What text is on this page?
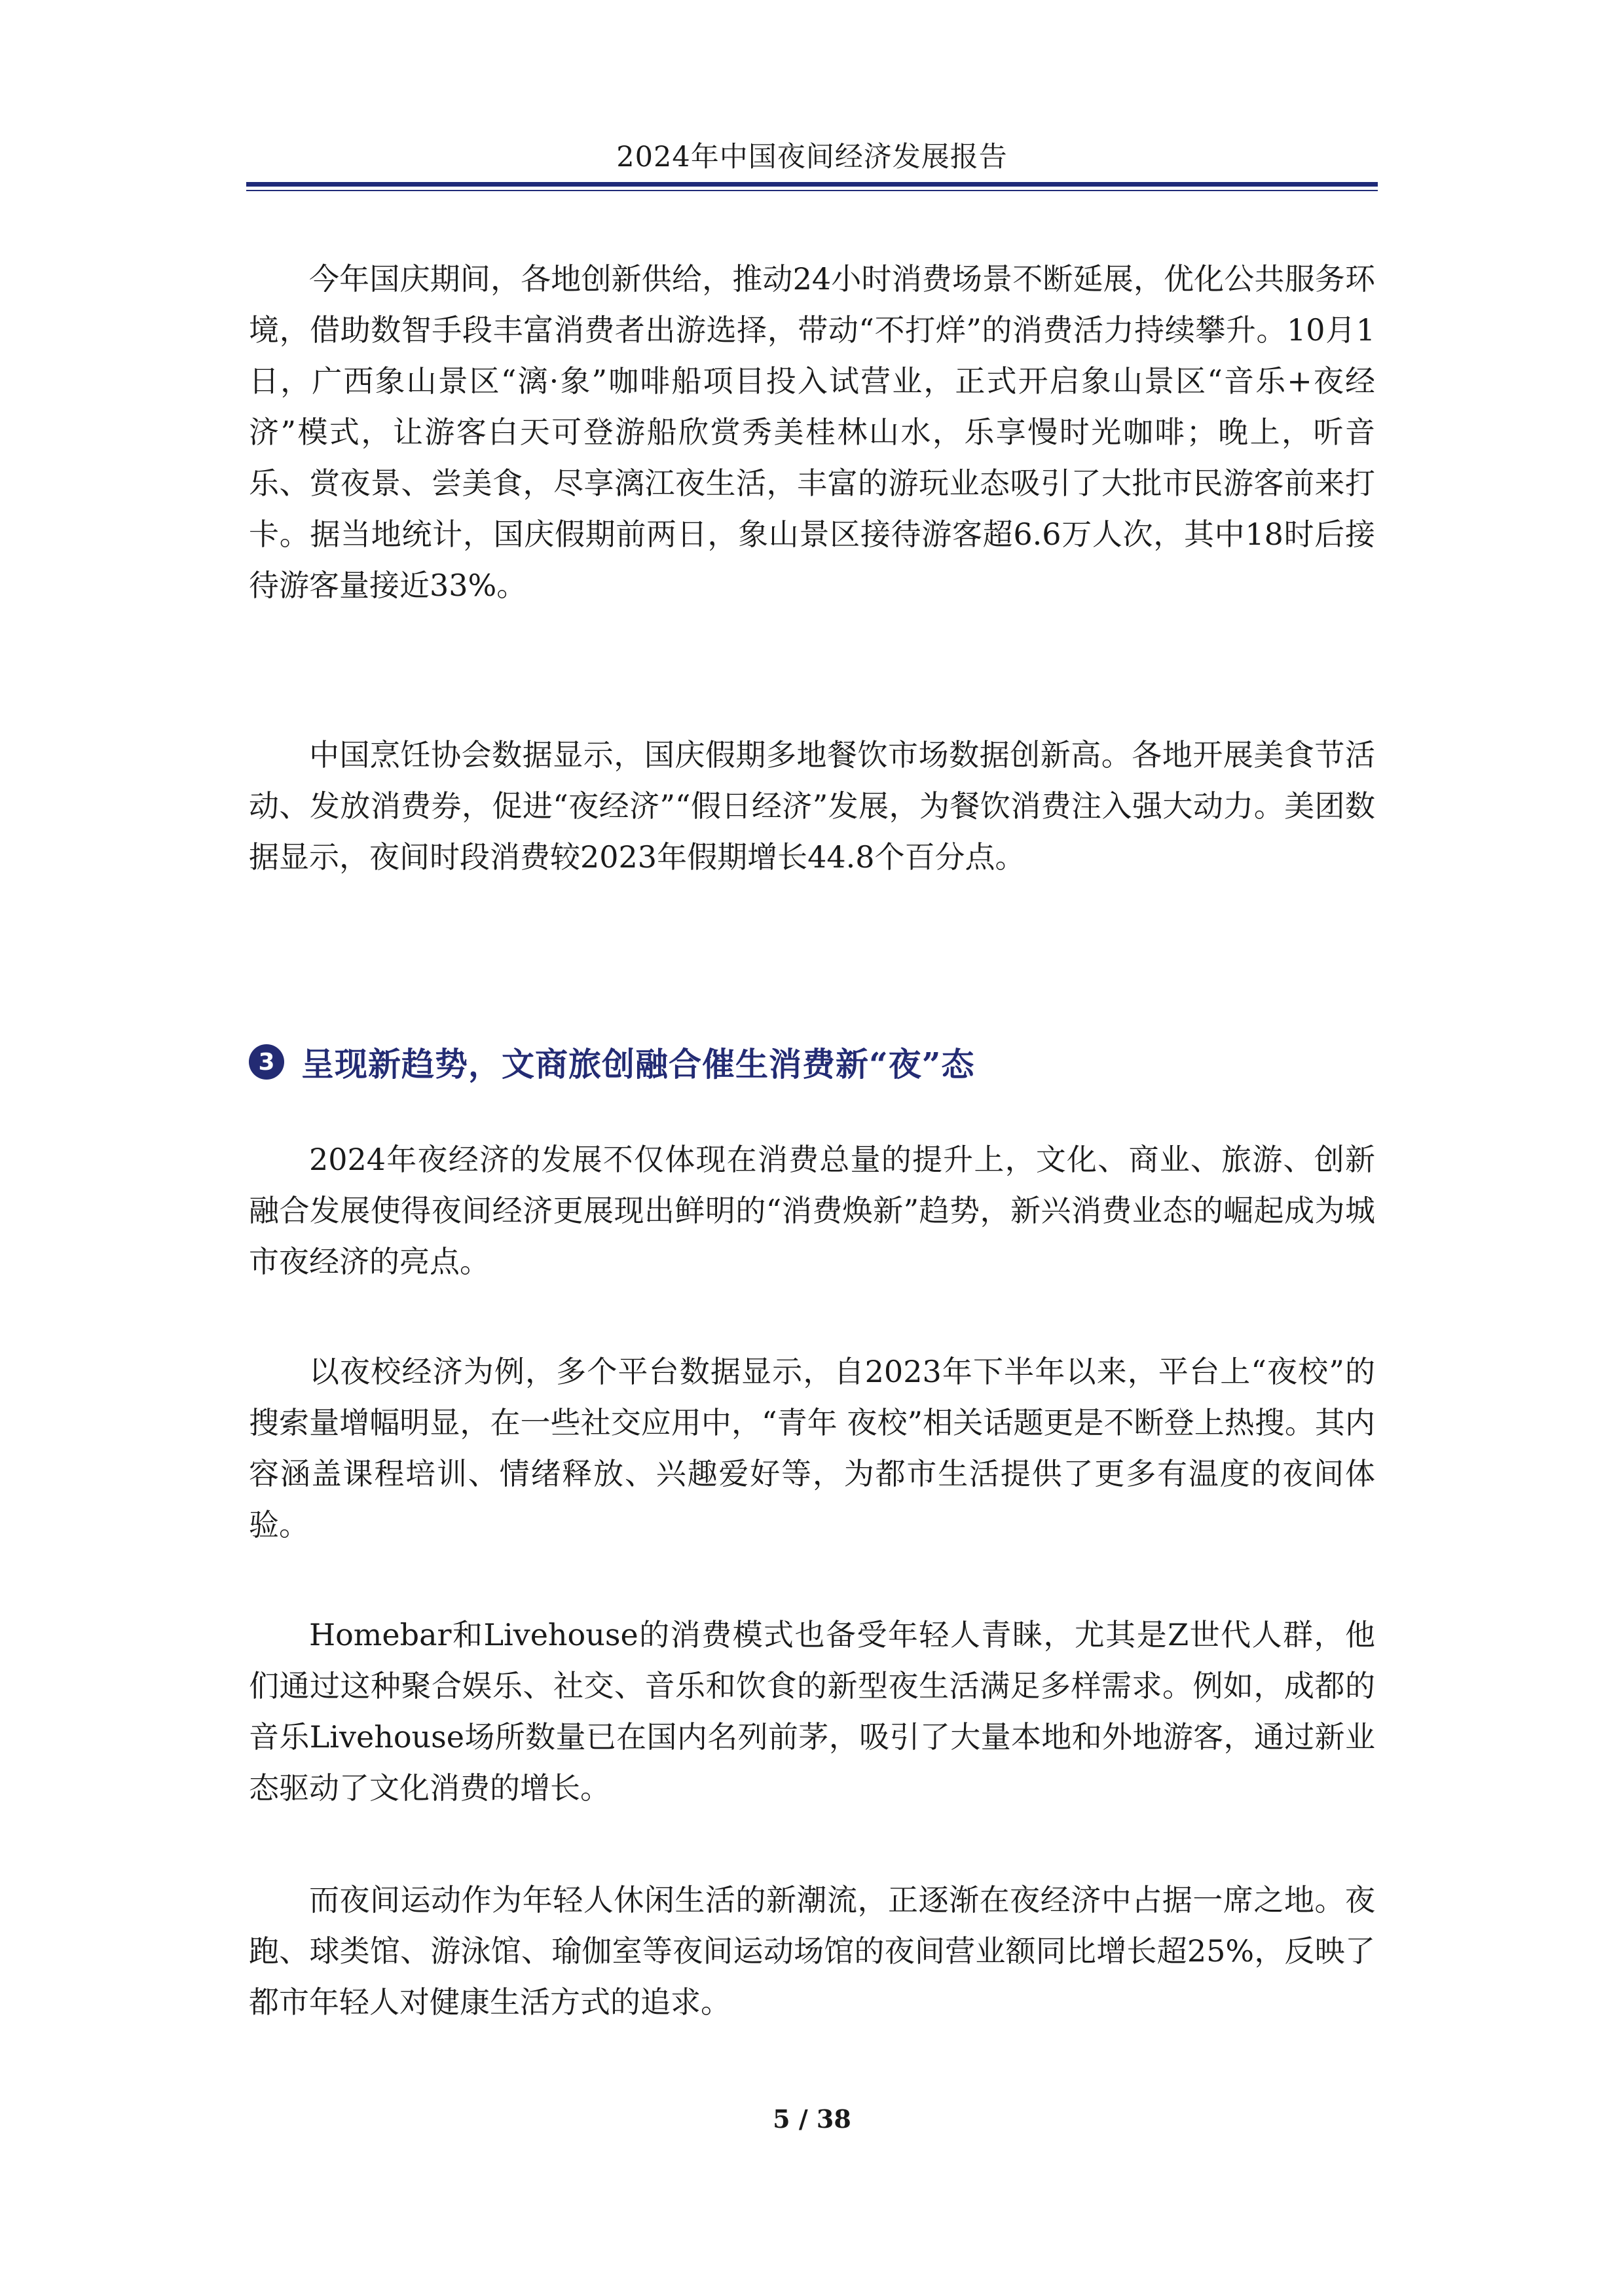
2024年中国夜间经济发展报告

今年国庆期间，各地创新供给，推动24小时消费场景不断延展，优化公共服务环境，借助数智手段丰富消费者出游选择，带动“不打烊”的消费活力持续攀升。10月1日，广西象山景区“漓·象”咖啡船项目投入试营业，正式开启象山景区“音乐+夜经济”模式，让游客白天可登游船欣赏秀美桂林山水，乐享慢时光咖啡；晚上，听音乐、赏夜景、尝美食，尽享漓江夜生活，丰富的游玩业态吸引了大批市民游客前来打卡。据当地统计，国庆假期前两日，象山景区接待游客超6.6万人次，其中18时后接待游客量接近33%。

中国烹饪协会数据显示，国庆假期多地餐饮市场数据创新高。各地开展美食节活动、发放消费券，促进“夜经济”“假日经济”发展，为餐饮消费注入强大动力。美团数据显示，夜间时段消费较2023年假期增长44.8个百分点。

3 呈现新趋势，文商旅创融合催生消费新“夜”态

2024年夜经济的发展不仅体现在消费总量的提升上，文化、商业、旅游、创新融合发展使得夜间经济更展现出鲜明的“消费焕新”趋势，新兴消费业态的崛起成为城市夜经济的亮点。

以夜校经济为例，多个平台数据显示，自2023年下半年以来，平台上“夜校”的搜索量增幅明显，在一些社交应用中，“青年 夜校”相关话题更是不断登上热搜。其内容涵盖课程培训、情绪释放、兴趣爱好等，为都市生活提供了更多有温度的夜间体验。

Homebar和Livehouse的消费模式也备受年轻人青睐，尤其是Z世代人群，他们通过这种聚合娱乐、社交、音乐和饮食的新型夜生活满足多样需求。例如，成都的音乐Livehouse场所数量已在国内名列前茅，吸引了大量本地和外地游客，通过新业态驱动了文化消费的增长。

而夜间运动作为年轻人休闲生活的新潮流，正逐渐在夜经济中占据一席之地。夜跑、球类馆、游泳馆、瑜伽室等夜间运动场馆的夜间营业额同比增长超25%，反映了都市年轻人对健康生活方式的追求。

5 / 38
